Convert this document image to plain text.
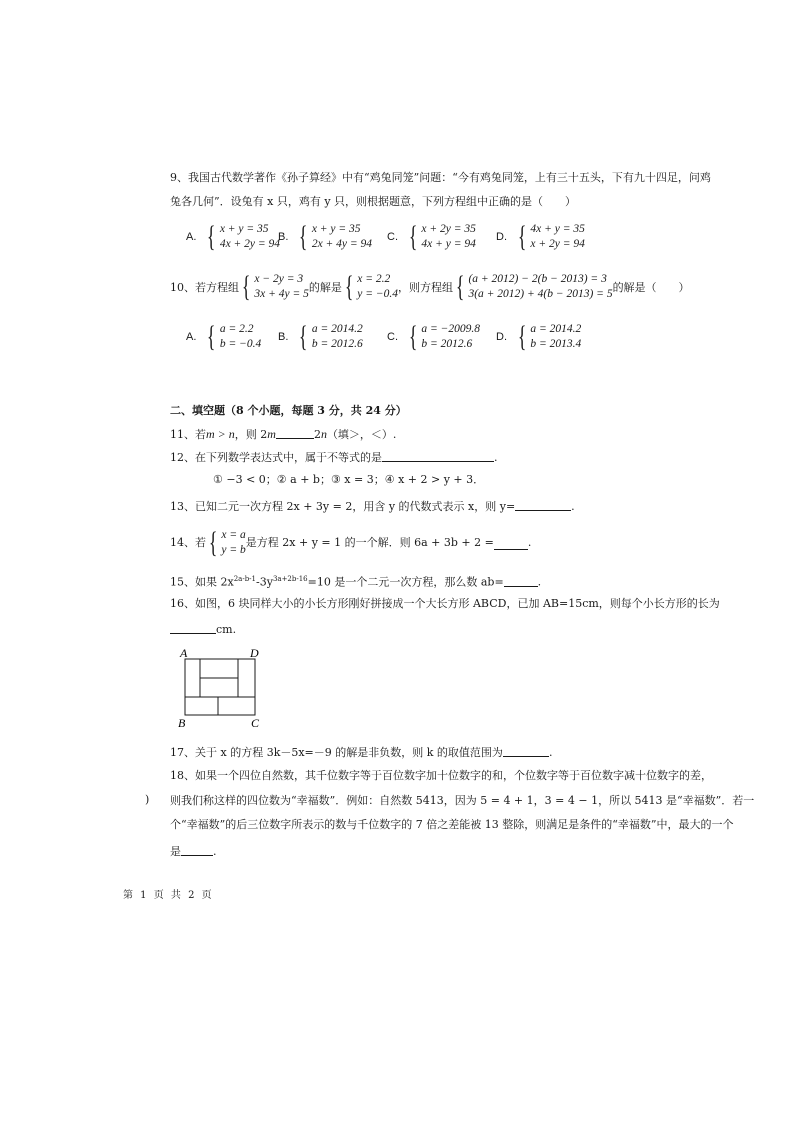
9、我国古代数学著作《孙子算经》中有“鸡兔同笼”问题：“今有鸡兔同笼，上有三十五头，下有九十四足，问鸡
兔各几何”．设兔有 x 只，鸡有 y 只，则根据题意，下列方程组中正确的是（　　）
A. { x + y = 35
4x + 2y = 94
B. { x + y = 35
2x + 4y = 94
C. { x + 2y = 35
4x + y = 94
D. { 4x + y = 35
x + 2y = 94
10、若方程组 { x − 2y = 3
3x + 4y = 5
的解是 { x = 2.2
y = −0.4
，则方程组 { (a + 2012) − 2(b − 2013) = 3
3(a + 2012) + 4(b − 2013) = 5
的解是（　　）
A. { a = 2.2
b = −0.4
B. { a = 2014.2
b = 2012.6
C. { a = −2009.8
b = 2012.6
D. { a = 2014.2
b = 2013.4
二、填空题（8 个小题，每题 3 分，共 24 分）
11、若m > n，则 2m	2n（填＞，＜）.
12、在下列数学表达式中，属于不等式的是	.
① −3 < 0；② a + b；③ x = 3；④ x + 2 > y + 3．
13、已知二元一次方程 2x + 3y = 2，用含 y 的代数式表示 x，则 y=	.
14、若 { x = a
y = b
是方程 2x + y = 1 的一个解．则 6a + 3b + 2 =	.
15、如果 $2x^{2a-b-1}-3y^{3a+2b-16}=10$ 是一个二元一次方程，那么数 ab=	.
16、如图，6 块同样大小的小长方形刚好拼接成一个大长方形 ABCD，已加 AB=15cm，则每个小长方形的长为
cm.
A	D
B	C
17、关于 x 的方程 3k－5x=－9 的解是非负数，则 k 的取值范围为	.
18、如果一个四位自然数，其千位数字等于百位数字加十位数字的和，个位数字等于百位数字减十位数字的差，
则我们称这样的四位数为“幸福数”．例如：自然数 5413，因为 5 = 4 + 1，3 = 4 − 1，所以 5413 是“幸福数”．若一
个“幸福数”的后三位数字所表示的数与千位数字的 7 倍之差能被 13 整除，则满足是条件的“幸福数”中，最大的一个
是	.
)
第 1 页 共 2 页
